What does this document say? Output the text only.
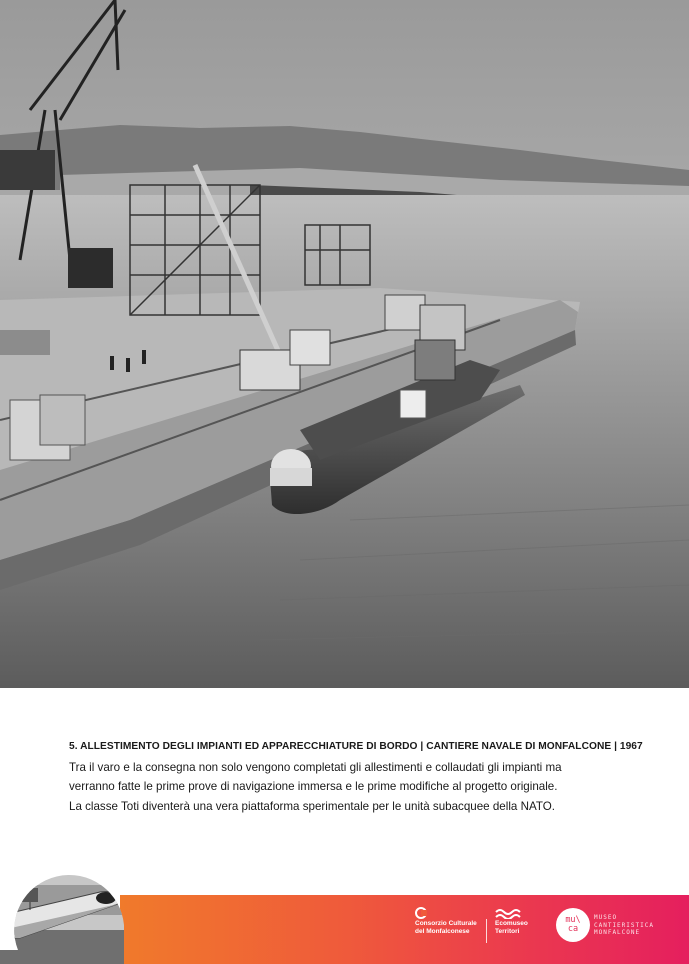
5. ALLESTIMENTO DEGLI IMPIANTI ED APPARECCHIATURE DI BORDO | CANTIERE NAVALE DI MONFALCONE | 1967
Tra il varo e la consegna non solo vengono completati gli allestimenti e collaudati gli impianti ma
verranno fatte le prime prove di navigazione immersa e le prime modifiche al progetto originale.
La classe Toti diventerà una vera piattaforma sperimentale per le unità subacquee della NATO.
Consorzio Culturale
del Monfalconese
Ecomuseo
Territori
mu\
ca
MUSEO
CANTIERISTICA
MONFALCONE
